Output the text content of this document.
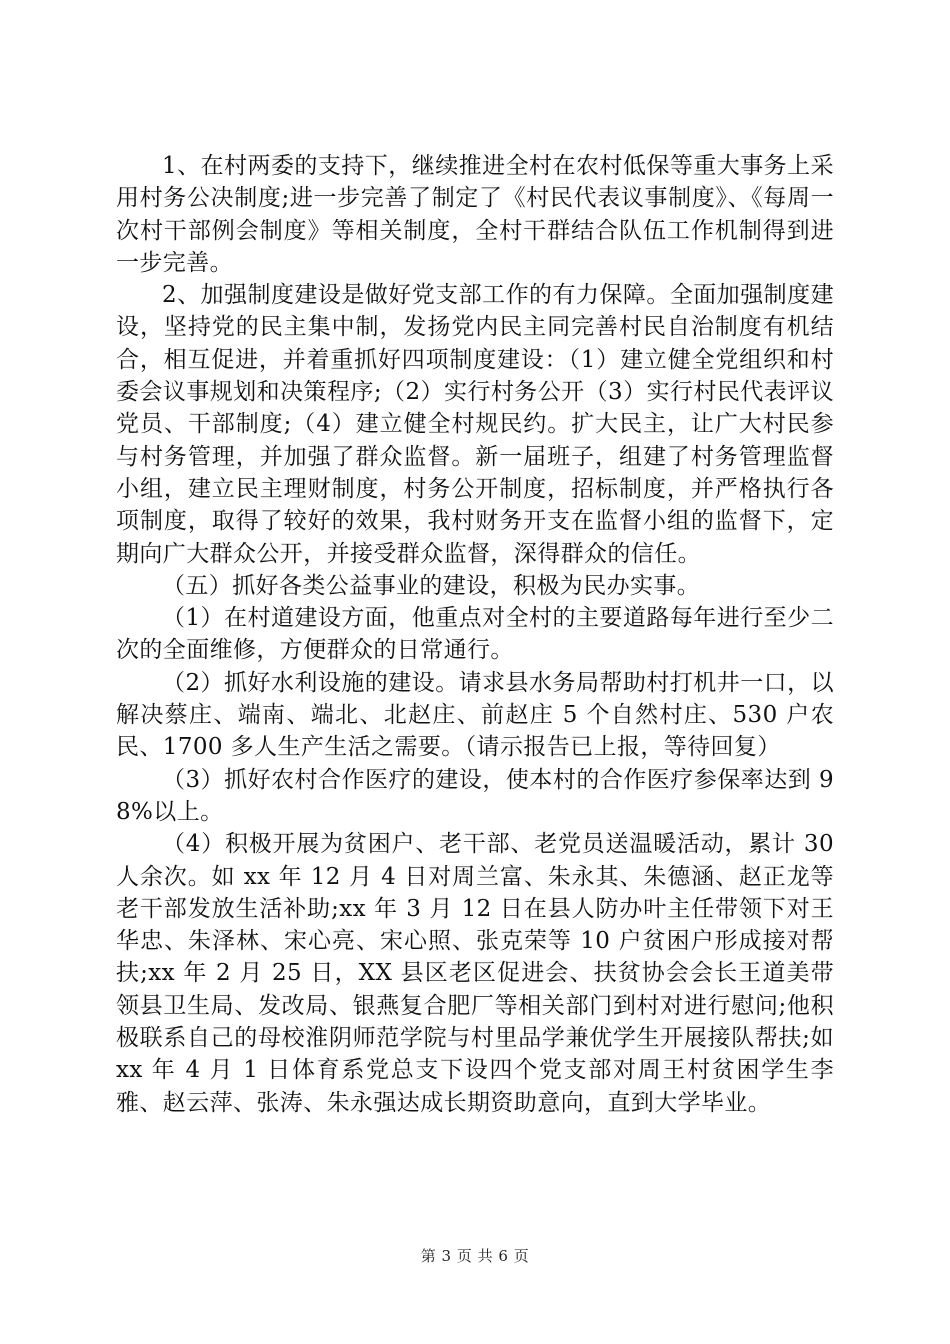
1、在村两委的支持下，继续推进全村在农村低保等重大事务上采用村务公决制度;进一步完善了制定了《村民代表议事制度》、《每周一次村干部例会制度》等相关制度，全村干群结合队伍工作机制得到进一步完善。

2、加强制度建设是做好党支部工作的有力保障。全面加强制度建设，坚持党的民主集中制，发扬党内民主同完善村民自治制度有机结合，相互促进，并着重抓好四项制度建设：（1）建立健全党组织和村委会议事规划和决策程序;（2）实行村务公开（3）实行村民代表评议党员、干部制度;（4）建立健全村规民约。扩大民主，让广大村民参与村务管理，并加强了群众监督。新一届班子，组建了村务管理监督小组，建立民主理财制度，村务公开制度，招标制度，并严格执行各项制度，取得了较好的效果，我村财务开支在监督小组的监督下，定期向广大群众公开，并接受群众监督，深得群众的信任。

（五）抓好各类公益事业的建设，积极为民办实事。

（1）在村道建设方面，他重点对全村的主要道路每年进行至少二次的全面维修，方便群众的日常通行。

（2）抓好水利设施的建设。请求县水务局帮助村打机井一口，以解决蔡庄、端南、端北、北赵庄、前赵庄 5 个自然村庄、530 户农民、1700 多人生产生活之需要。（请示报告已上报，等待回复）

（3）抓好农村合作医疗的建设，使本村的合作医疗参保率达到 98%以上。

（4）积极开展为贫困户、老干部、老党员送温暖活动，累计 30 人余次。如 xx 年 12 月 4 日对周兰富、朱永其、朱德涵、赵正龙等老干部发放生活补助;xx 年 3 月 12 日在县人防办叶主任带领下对王华忠、朱泽林、宋心亮、宋心照、张克荣等 10 户贫困户形成接对帮扶;xx 年 2 月 25 日，XX 县区老区促进会、扶贫协会会长王道美带领县卫生局、发改局、银燕复合肥厂等相关部门到村对进行慰问;他积极联系自己的母校淮阴师范学院与村里品学兼优学生开展接队帮扶;如 xx 年 4 月 1 日体育系党总支下设四个党支部对周王村贫困学生李雅、赵云萍、张涛、朱永强达成长期资助意向，直到大学毕业。

第 3 页 共 6 页
